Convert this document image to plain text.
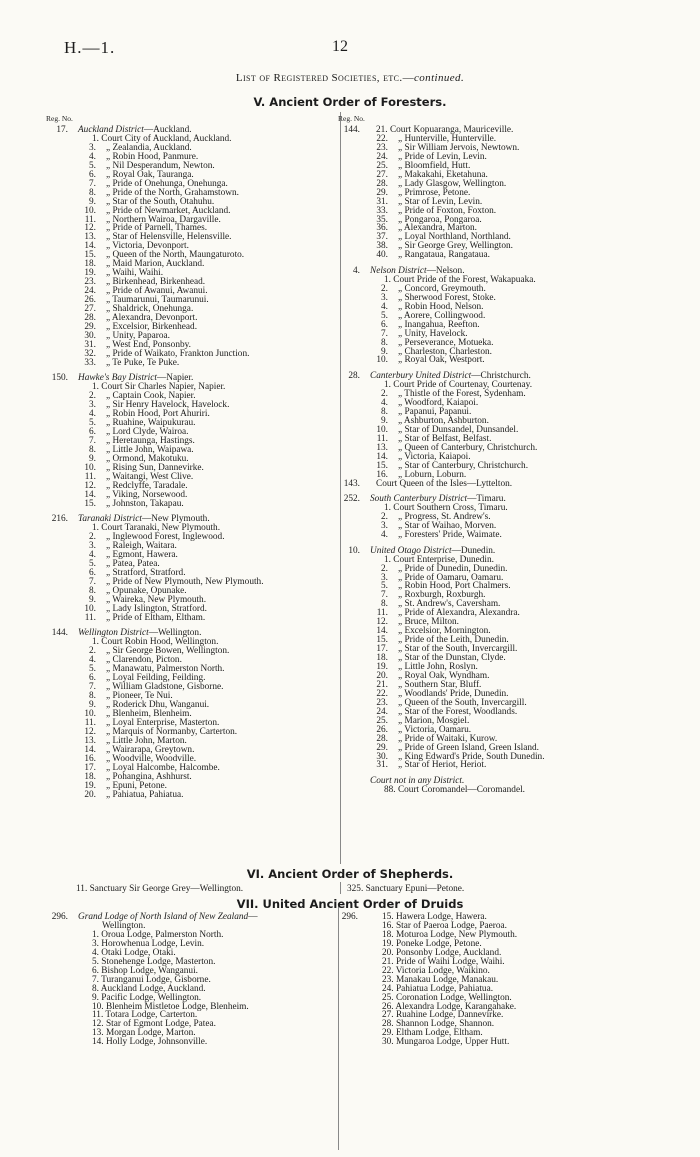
H.—1.	12
List of Registered Societies, etc.—continued.
V. Ancient Order of Foresters.
Reg. No.
17. Auckland District—Auckland.
1. Court City of Auckland, Auckland.
3. „ Zealandia, Auckland.
4. „ Robin Hood, Panmure.
5. „ Nil Desperandum, Newton.
6. „ Royal Oak, Tauranga.
7. „ Pride of Onehunga, Onehunga.
8. „ Pride of the North, Grahamstown.
9. „ Star of the South, Otahuhu.
10. „ Pride of Newmarket, Auckland.
11. „ Northern Wairoa, Dargaville.
12. „ Pride of Parnell, Thames.
13. „ Star of Helensville, Helensville.
14. „ Victoria, Devonport.
15. „ Queen of the North, Maungaturoto.
18. „ Maid Marion, Auckland.
19. „ Waihi, Waihi.
23. „ Birkenhead, Birkenhead.
24. „ Pride of Awanui, Awanui.
26. „ Taumarunui, Taumarunui.
27. „ Shaldrick, Onehunga.
28. „ Alexandra, Devonport.
29. „ Excelsior, Birkenhead.
30. „ Unity, Paparoa.
31. „ West End, Ponsonby.
32. „ Pride of Waikato, Frankton Junction.
33. „ Te Puke, Te Puke.
150. Hawke's Bay District—Napier.
1. Court Sir Charles Napier, Napier.
2. „ Captain Cook, Napier.
3. „ Sir Henry Havelock, Havelock.
4. „ Robin Hood, Port Ahuriri.
5. „ Ruahine, Waipukurau.
6. „ Lord Clyde, Wairoa.
7. „ Heretaunga, Hastings.
8. „ Little John, Waipawa.
9. „ Ormond, Makotuku.
10. „ Rising Sun, Dannevirke.
11. „ Waitangi, West Clive.
12. „ Redclyffe, Taradale.
14. „ Viking, Norsewood.
15. „ Johnston, Takapau.
216. Taranaki District—New Plymouth.
1. Court Taranaki, New Plymouth.
2. „ Inglewood Forest, Inglewood.
3. „ Raleigh, Waitara.
4. „ Egmont, Hawera.
5. „ Patea, Patea.
6. „ Stratford, Stratford.
7. „ Pride of New Plymouth, New Plymouth.
8. „ Opunake, Opunake.
9. „ Waireka, New Plymouth.
10. „ Lady Islington, Stratford.
11. „ Pride of Eltham, Eltham.
144. Wellington District—Wellington.
1. Court Robin Hood, Wellington.
2. „ Sir George Bowen, Wellington.
4. „ Clarendon, Picton.
5. „ Manawatu, Palmerston North.
6. „ Loyal Feilding, Feilding.
7. „ William Gladstone, Gisborne.
8. „ Pioneer, Te Nui.
9. „ Roderick Dhu, Wanganui.
10. „ Blenheim, Blenheim.
11. „ Loyal Enterprise, Masterton.
12. „ Marquis of Normanby, Carterton.
13. „ Little John, Marton.
14. „ Wairarapa, Greytown.
16. „ Woodville, Woodville.
17. „ Loyal Halcombe, Halcombe.
18. „ Pohangina, Ashhurst.
19. „ Epuni, Petone.
20. „ Pahiatua, Pahiatua.
Reg. No.
144. 21. Court Kopuaranga, Mauriceville.
22. „ Hunterville, Hunterville.
23. „ Sir William Jervois, Newtown.
24. „ Pride of Levin, Levin.
25. „ Bloomfield, Hutt.
27. „ Makakahi, Eketahuna.
28. „ Lady Glasgow, Wellington.
29. „ Primrose, Petone.
31. „ Star of Levin, Levin.
33. „ Pride of Foxton, Foxton.
35. „ Pongaroa, Pongaroa.
36. „ Alexandra, Marton.
37. „ Loyal Northland, Northland.
38. „ Sir George Grey, Wellington.
40. „ Rangataua, Rangataua.
4. Nelson District—Nelson.
1. Court Pride of the Forest, Wakapuaka.
2. „ Concord, Greymouth.
3. „ Sherwood Forest, Stoke.
4. „ Robin Hood, Nelson.
5. „ Aorere, Collingwood.
6. „ Inangahua, Reefton.
7. „ Unity, Havelock.
8. „ Perseverance, Motueka.
9. „ Charleston, Charleston.
10. „ Royal Oak, Westport.
28. Canterbury United District—Christchurch.
1. Court Pride of Courtenay, Courtenay.
2. „ Thistle of the Forest, Sydenham.
4. „ Woodford, Kaiapoi.
8. „ Papanui, Papanui.
9. „ Ashburton, Ashburton.
10. „ Star of Dunsandel, Dunsandel.
11. „ Star of Belfast, Belfast.
13. „ Queen of Canterbury, Christchurch.
14. „ Victoria, Kaiapoi.
15. „ Star of Canterbury, Christchurch.
16. „ Loburn, Loburn.
143. Court Queen of the Isles—Lyttelton.
252. South Canterbury District—Timaru.
1. Court Southern Cross, Timaru.
2. „ Progress, St. Andrew's.
3. „ Star of Waihao, Morven.
4. „ Foresters' Pride, Waimate.
10. United Otago District—Dunedin.
1. Court Enterprise, Dunedin.
2. „ Pride of Dunedin, Dunedin.
3. „ Pride of Oamaru, Oamaru.
5. „ Robin Hood, Port Chalmers.
7. „ Roxburgh, Roxburgh.
8. „ St. Andrew's, Caversham.
11. „ Pride of Alexandra, Alexandra.
12. „ Bruce, Milton.
14. „ Excelsior, Mornington.
15. „ Pride of the Leith, Dunedin.
17. „ Star of the South, Invercargill.
18. „ Star of the Dunstan, Clyde.
19. „ Little John, Roslyn.
20. „ Royal Oak, Wyndham.
21. „ Southern Star, Bluff.
22. „ Woodlands' Pride, Dunedin.
23. „ Queen of the South, Invercargill.
24. „ Star of the Forest, Woodlands.
25. „ Marion, Mosgiel.
26. „ Victoria, Oamaru.
28. „ Pride of Waitaki, Kurow.
29. „ Pride of Green Island, Green Island.
30. „ King Edward's Pride, South Dunedin.
31. „ Star of Heriot, Heriot.
Court not in any District.
88. Court Coromandel—Coromandel.
VI. Ancient Order of Shepherds.
11. Sanctuary Sir George Grey—Wellington.	325. Sanctuary Epuni—Petone.
VII. United Ancient Order of Druids
296. Grand Lodge of North Island of New Zealand—
Wellington.
1. Oroua Lodge, Palmerston North.
3. Horowhenua Lodge, Levin.
4. Otaki Lodge, Otaki.
5. Stonehenge Lodge, Masterton.
6. Bishop Lodge, Wanganui.
7. Turanganui Lodge, Gisborne.
8. Auckland Lodge, Auckland.
9. Pacific Lodge, Wellington.
10. Blenheim Mistletoe Lodge, Blenheim.
11. Totara Lodge, Carterton.
12. Star of Egmont Lodge, Patea.
13. Morgan Lodge, Marton.
14. Holly Lodge, Johnsonville.
296.	15. Hawera Lodge, Hawera.
16. Star of Paeroa Lodge, Paeroa.
18. Moturoa Lodge, New Plymouth.
19. Poneke Lodge, Petone.
20. Ponsonby Lodge, Auckland.
21. Pride of Waihi Lodge, Waihi.
22. Victoria Lodge, Waikino.
23. Manakau Lodge, Manakau.
24. Pahiatua Lodge, Pahiatua.
25. Coronation Lodge, Wellington.
26. Alexandra Lodge, Karangahake.
27. Ruahine Lodge, Dannevirke.
28. Shannon Lodge, Shannon.
29. Eltham Lodge, Eltham.
30. Mungaroa Lodge, Upper Hutt.
